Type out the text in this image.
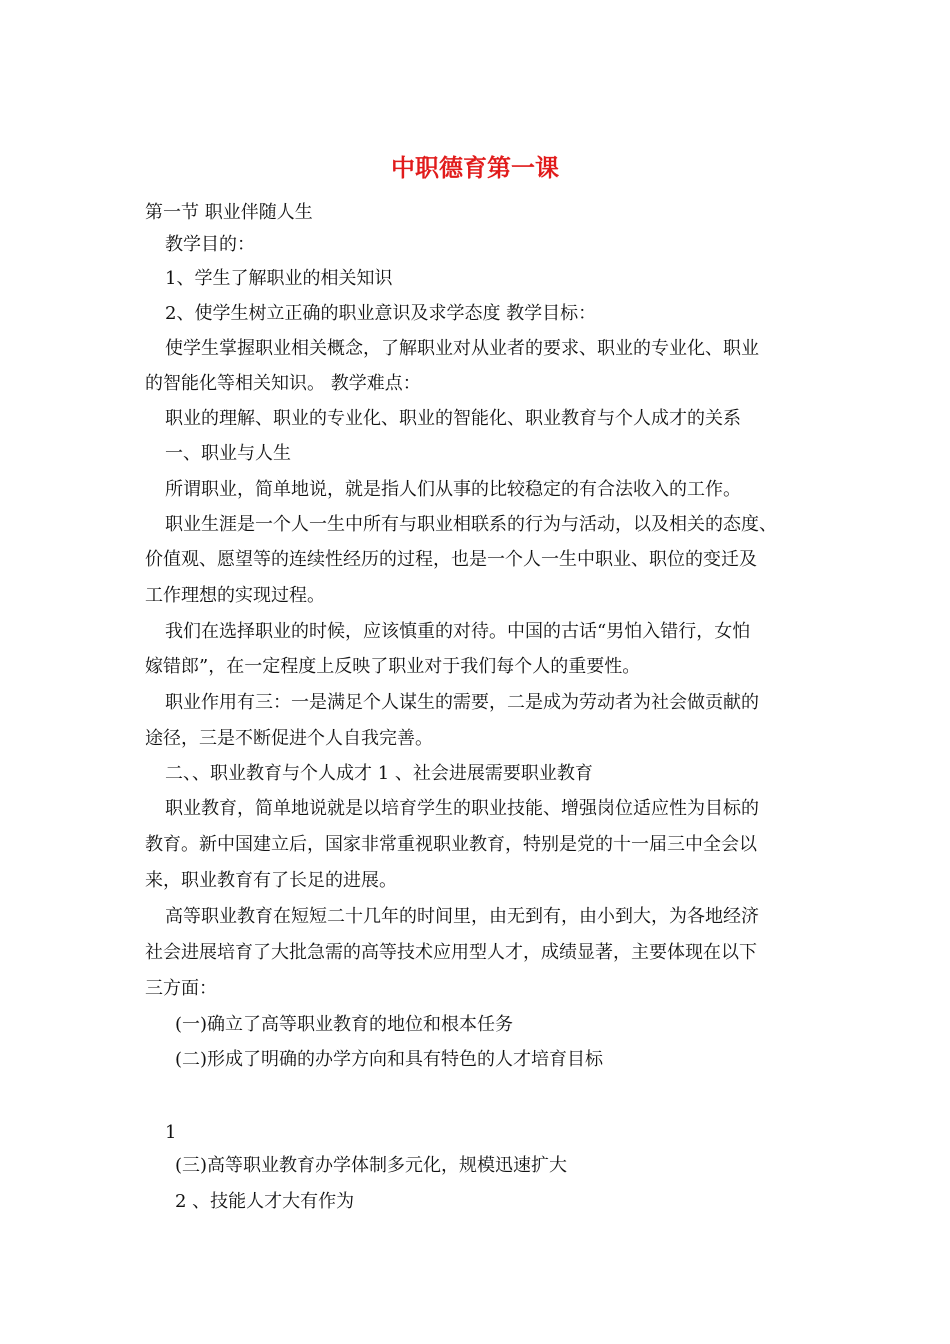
中职德育第一课
第一节 职业伴随人生
教学目的：
1、学生了解职业的相关知识
2、使学生树立正确的职业意识及求学态度 教学目标：
使学生掌握职业相关概念，了解职业对从业者的要求、职业的专业化、职业
的智能化等相关知识。 教学难点：
职业的理解、职业的专业化、职业的智能化、职业教育与个人成才的关系
一、职业与人生
所谓职业，简单地说，就是指人们从事的比较稳定的有合法收入的工作。
职业生涯是一个人一生中所有与职业相联系的行为与活动，以及相关的态度、
价值观、愿望等的连续性经历的过程，也是一个人一生中职业、职位的变迁及
工作理想的实现过程。
我们在选择职业的时候，应该慎重的对待。中国的古话“男怕入错行，女怕
嫁错郎”，在一定程度上反映了职业对于我们每个人的重要性。
职业作用有三：一是满足个人谋生的需要，二是成为劳动者为社会做贡献的
途径，三是不断促进个人自我完善。
二、、职业教育与个人成才 1 、社会进展需要职业教育
职业教育，简单地说就是以培育学生的职业技能、增强岗位适应性为目标的
教育。新中国建立后，国家非常重视职业教育，特别是党的十一届三中全会以
来，职业教育有了长足的进展。
高等职业教育在短短二十几年的时间里，由无到有，由小到大，为各地经济
社会进展培育了大批急需的高等技术应用型人才，成绩显著，主要体现在以下
三方面：
(一)确立了高等职业教育的地位和根本任务
(二)形成了明确的办学方向和具有特色的人才培育目标
1
(三)高等职业教育办学体制多元化，规模迅速扩大
2 、技能人才大有作为
